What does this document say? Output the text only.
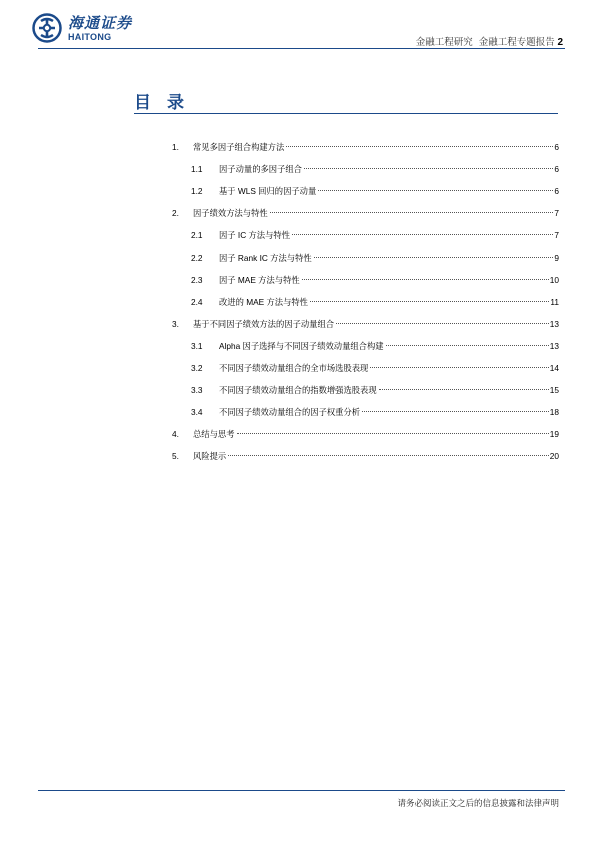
海通证券
HAITONG	金融工程研究 金融工程专题报告 2
目录
1. 常见多因子组合构建方法	6
1.1 因子动量的多因子组合	6
1.2 基于 WLS 回归的因子动量	6
2. 因子绩效方法与特性	7
2.1 因子 IC 方法与特性	7
2.2 因子 Rank IC 方法与特性	9
2.3 因子 MAE 方法与特性	10
2.4 改进的 MAE 方法与特性	11
3. 基于不同因子绩效方法的因子动量组合	13
3.1 Alpha 因子选择与不同因子绩效动量组合构建	13
3.2 不同因子绩效动量组合的全市场选股表现	14
3.3 不同因子绩效动量组合的指数增强选股表现	15
3.4 不同因子绩效动量组合的因子权重分析	18
4. 总结与思考	19
5. 风险提示	20
请务必阅读正文之后的信息披露和法律声明
